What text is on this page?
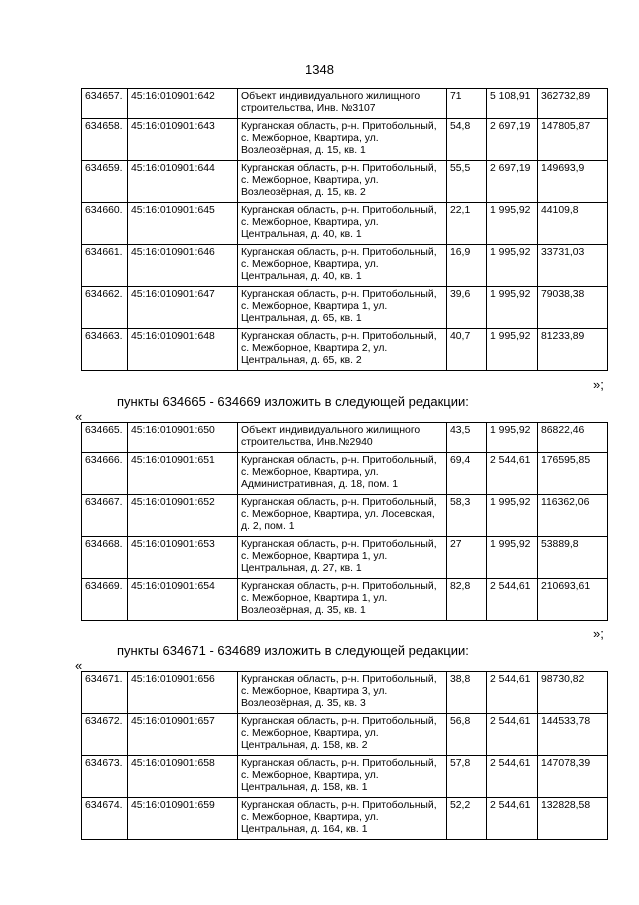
1348
634657.	45:16:010901:642	Объект индивидуального жилищного строительства, Инв. №3107	71	5 108,91	362732,89
634658.	45:16:010901:643	Курганская область, р-н. Притобольный, с. Межборное, Квартира, ул. Возлеозёрная, д. 15, кв. 1	54,8	2 697,19	147805,87
634659.	45:16:010901:644	Курганская область, р-н. Притобольный, с. Межборное, Квартира, ул. Возлеозёрная, д. 15, кв. 2	55,5	2 697,19	149693,9
634660.	45:16:010901:645	Курганская область, р-н. Притобольный, с. Межборное, Квартира, ул. Центральная, д. 40, кв. 1	22,1	1 995,92	44109,8
634661.	45:16:010901:646	Курганская область, р-н. Притобольный, с. Межборное, Квартира, ул. Центральная, д. 40, кв. 1	16,9	1 995,92	33731,03
634662.	45:16:010901:647	Курганская область, р-н. Притобольный, с. Межборное, Квартира 1, ул. Центральная, д. 65, кв. 1	39,6	1 995,92	79038,38
634663.	45:16:010901:648	Курганская область, р-н. Притобольный, с. Межборное, Квартира 2, ул. Центральная, д. 65, кв. 2	40,7	1 995,92	81233,89
»;
пункты 634665 - 634669 изложить в следующей редакции:
«
634665.	45:16:010901:650	Объект индивидуального жилищного строительства, Инв.№2940	43,5	1 995,92	86822,46
634666.	45:16:010901:651	Курганская область, р-н. Притобольный, с. Межборное, Квартира, ул. Административная, д. 18, пом. 1	69,4	2 544,61	176595,85
634667.	45:16:010901:652	Курганская область, р-н. Притобольный, с. Межборное, Квартира, ул. Лосевская, д. 2, пом. 1	58,3	1 995,92	116362,06
634668.	45:16:010901:653	Курганская область, р-н. Притобольный, с. Межборное, Квартира 1, ул. Центральная, д. 27, кв. 1	27	1 995,92	53889,8
634669.	45:16:010901:654	Курганская область, р-н. Притобольный, с. Межборное, Квартира 1, ул. Возлеозёрная, д. 35, кв. 1	82,8	2 544,61	210693,61
»;
пункты 634671 - 634689 изложить в следующей редакции:
«
634671.	45:16:010901:656	Курганская область, р-н. Притобольный, с. Межборное, Квартира 3, ул. Возлеозёрная, д. 35, кв. 3	38,8	2 544,61	98730,82
634672.	45:16:010901:657	Курганская область, р-н. Притобольный, с. Межборное, Квартира, ул. Центральная, д. 158, кв. 2	56,8	2 544,61	144533,78
634673.	45:16:010901:658	Курганская область, р-н. Притобольный, с. Межборное, Квартира, ул. Центральная, д. 158, кв. 1	57,8	2 544,61	147078,39
634674.	45:16:010901:659	Курганская область, р-н. Притобольный, с. Межборное, Квартира, ул. Центральная, д. 164, кв. 1	52,2	2 544,61	132828,58
